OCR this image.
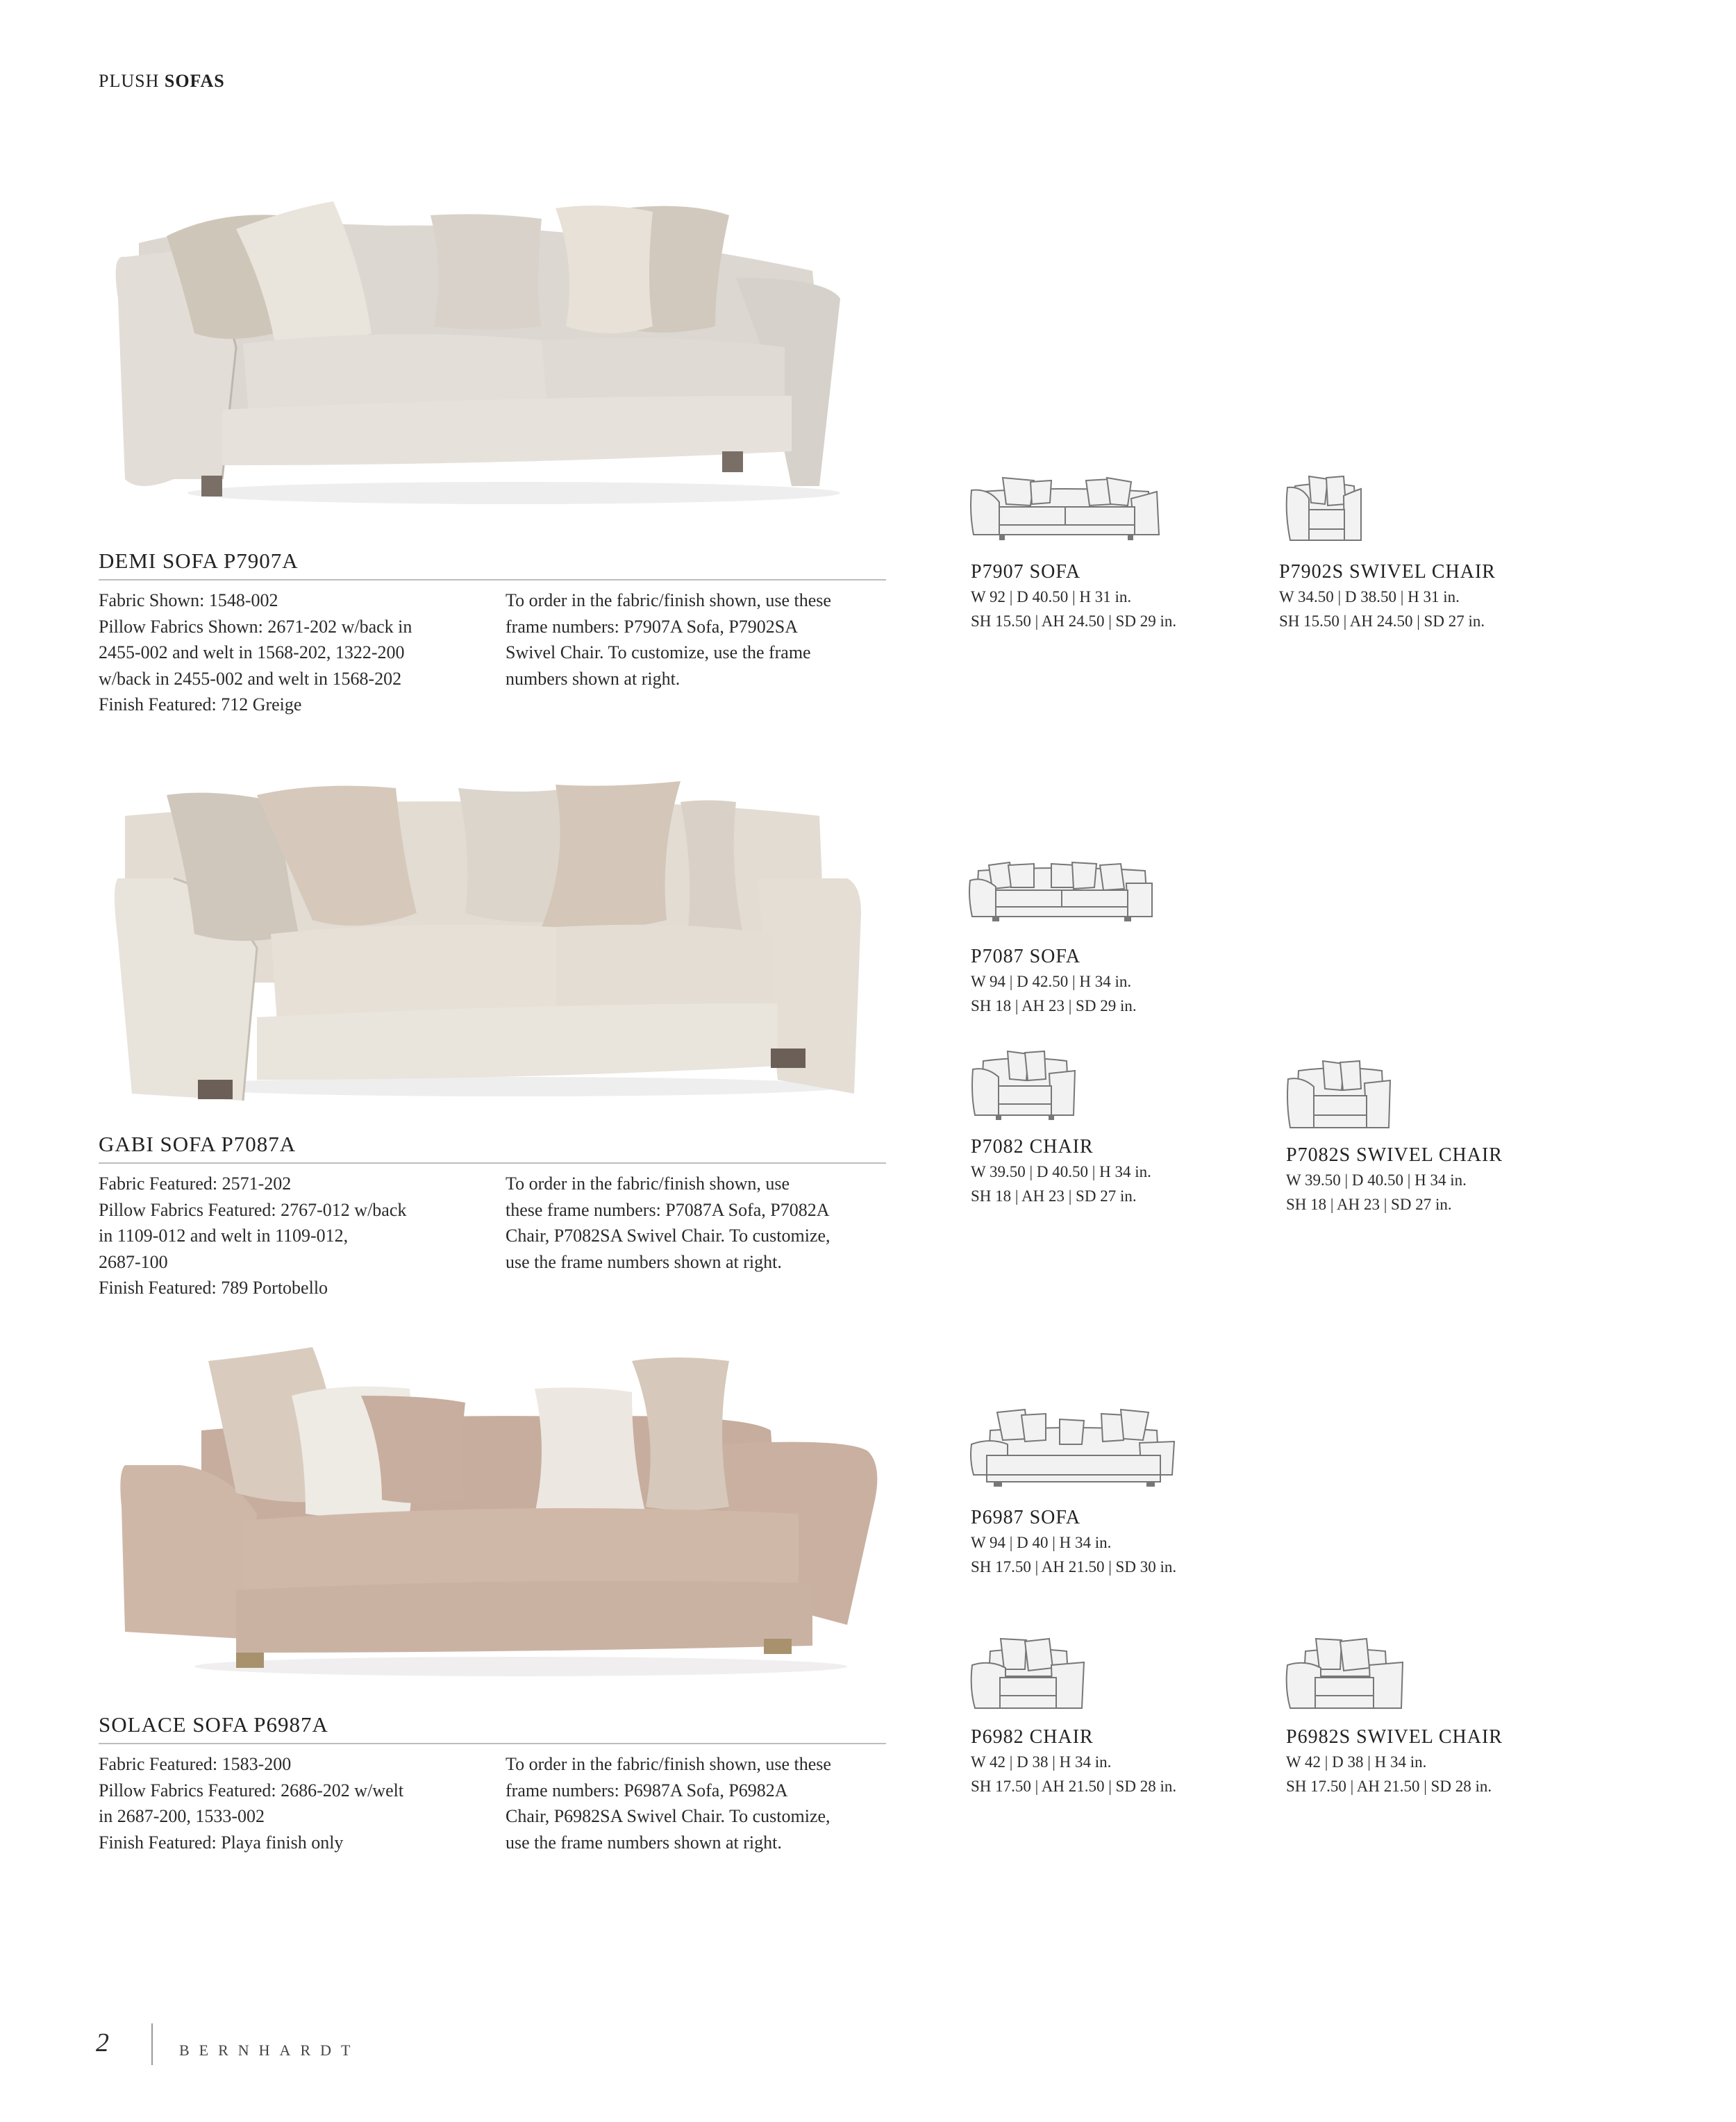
PLUSH SOFAS
DEMI SOFA P7907A
Fabric Shown: 1548-002
Pillow Fabrics Shown: 2671-202 w/back in
2455-002 and welt in 1568-202, 1322-200
w/back in 2455-002 and welt in 1568-202
Finish Featured: 712 Greige
To order in the fabric/finish shown, use these
frame numbers: P7907A Sofa, P7902SA
Swivel Chair. To customize, use the frame
numbers shown at right.
GABI SOFA P7087A
Fabric Featured: 2571-202
Pillow Fabrics Featured: 2767-012 w/back
in 1109-012 and welt in 1109-012,
2687-100
Finish Featured: 789 Portobello
To order in the fabric/finish shown, use
these frame numbers: P7087A Sofa, P7082A
Chair, P7082SA Swivel Chair. To customize,
use the frame numbers shown at right.
SOLACE SOFA P6987A
Fabric Featured: 1583-200
Pillow Fabrics Featured: 2686-202 w/welt
in 2687-200, 1533-002
Finish Featured: Playa finish only
To order in the fabric/finish shown, use these
frame numbers: P6987A Sofa, P6982A
Chair, P6982SA Swivel Chair. To customize,
use the frame numbers shown at right.
P7907 SOFA
W 92 | D 40.50 | H 31 in.
SH 15.50 | AH 24.50 | SD 29 in.
P7902S SWIVEL CHAIR
W 34.50 | D 38.50 | H 31 in.
SH 15.50 | AH 24.50 | SD 27 in.
P7087 SOFA
W 94 | D 42.50 | H 34 in.
SH 18 | AH 23 | SD 29 in.
P7082 CHAIR
W 39.50 | D 40.50 | H 34 in.
SH 18 | AH 23 | SD 27 in.
P7082S SWIVEL CHAIR
W 39.50 | D 40.50 | H 34 in.
SH 18 | AH 23 | SD 27 in.
P6987 SOFA
W 94 | D 40 | H 34 in.
SH 17.50 | AH 21.50 | SD 30 in.
P6982 CHAIR
W 42 | D 38 | H 34 in.
SH 17.50 | AH 21.50 | SD 28 in.
P6982S SWIVEL CHAIR
W 42 | D 38 | H 34 in.
SH 17.50 | AH 21.50 | SD 28 in.
2	BERNHARDT
